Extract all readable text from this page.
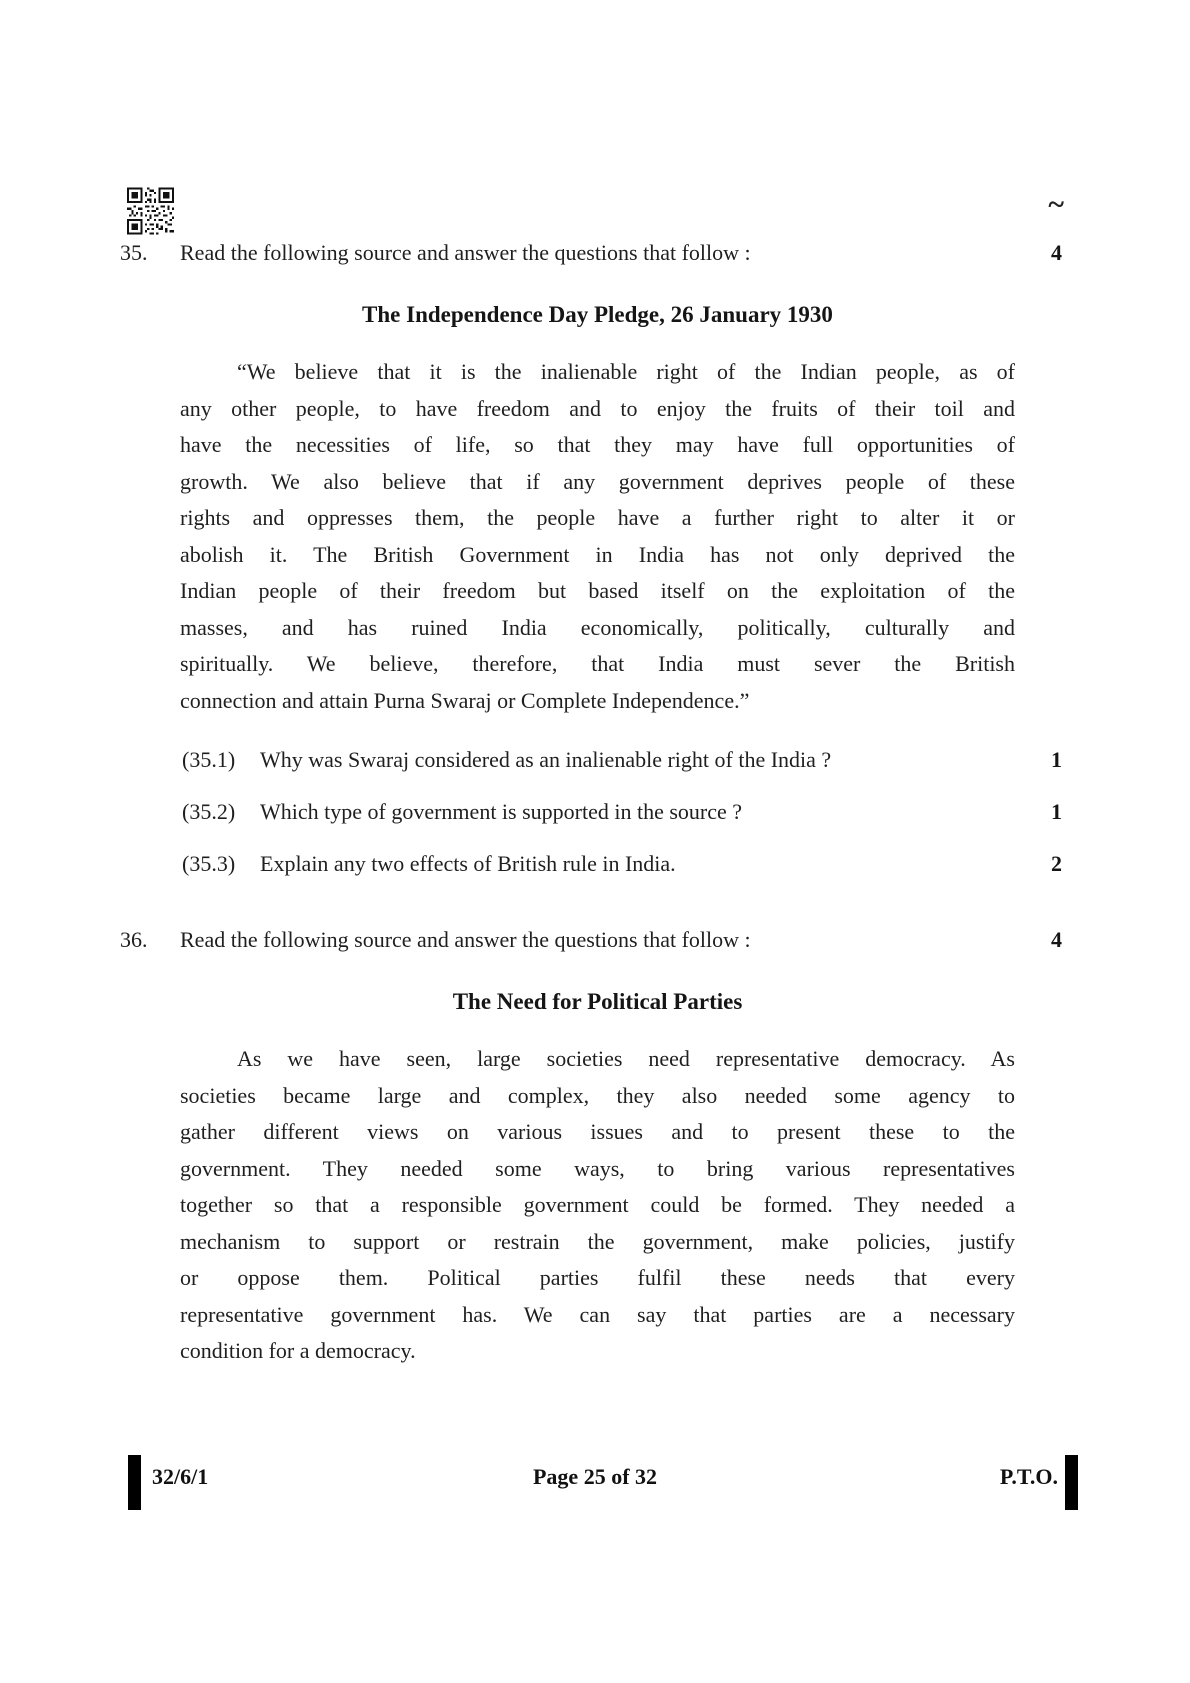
~
35.	Read the following source and answer the questions that follow :	4
The Independence Day Pledge, 26 January 1930
“We believe that it is the inalienable right of the Indian people, as of
any other people, to have freedom and to enjoy the fruits of their toil and
have the necessities of life, so that they may have full opportunities of
growth. We also believe that if any government deprives people of these
rights and oppresses them, the people have a further right to alter it or
abolish it. The British Government in India has not only deprived the
Indian people of their freedom but based itself on the exploitation of the
masses, and has ruined India economically, politically, culturally and
spiritually. We believe, therefore, that India must sever the British
connection and attain Purna Swaraj or Complete Independence.”
(35.1)	Why was Swaraj considered as an inalienable right of the India ?	1
(35.2)	Which type of government is supported in the source ?	1
(35.3)	Explain any two effects of British rule in India.	2
36.	Read the following source and answer the questions that follow :	4
The Need for Political Parties
As we have seen, large societies need representative democracy. As
societies became large and complex, they also needed some agency to
gather different views on various issues and to present these to the
government. They needed some ways, to bring various representatives
together so that a responsible government could be formed. They needed a
mechanism to support or restrain the government, make policies, justify
or oppose them. Political parties fulfil these needs that every
representative government has. We can say that parties are a necessary
condition for a democracy.
32/6/1	Page 25 of 32	P.T.O.
